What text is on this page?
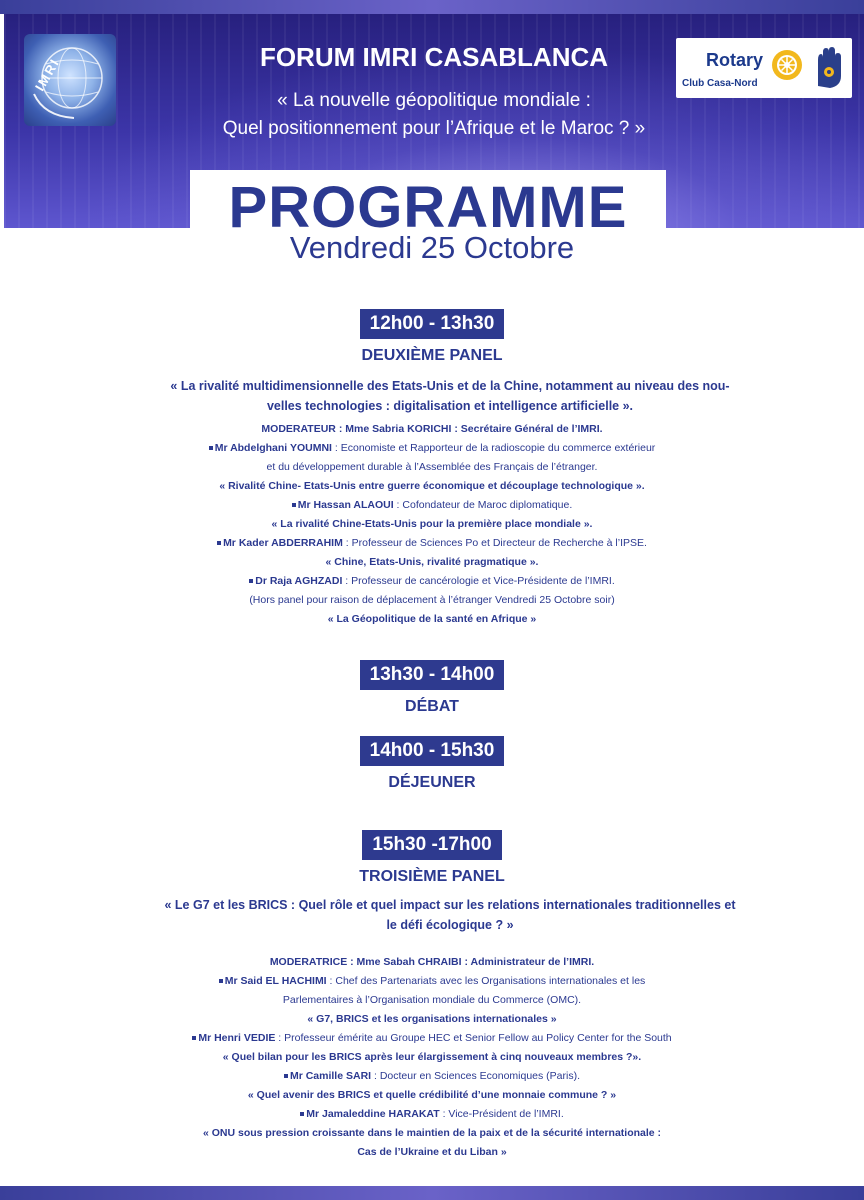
IMRI	FORUM IMRI CASABLANCA
« La nouvelle géopolitique mondiale :
Quel positionnement pour l’Afrique et le Maroc ? »
Rotary
Club Casa-Nord
PROGRAMME
Vendredi 25 Octobre
12h00 - 13h30
DEUXIÈME PANEL
« La rivalité multidimensionnelle des Etats-Unis et de la Chine, notamment au niveau des nou-
velles technologies : digitalisation et intelligence artificielle ».
MODERATEUR : Mme Sabria KORICHI : Secrétaire Général de l’IMRI.
Mr Abdelghani YOUMNI : Economiste et Rapporteur de la radioscopie du commerce extérieur
et du développement durable à l’Assemblée des Français de l’étranger.
« Rivalité Chine- Etats-Unis entre guerre économique et découplage technologique ».
Mr Hassan ALAOUI : Cofondateur de Maroc diplomatique.
« La rivalité Chine-Etats-Unis pour la première place mondiale ».
Mr Kader ABDERRAHIM : Professeur de Sciences Po et Directeur de Recherche à l’IPSE.
« Chine, Etats-Unis, rivalité pragmatique ».
Dr Raja AGHZADI : Professeur de cancérologie et Vice-Présidente de l’IMRI.
(Hors panel pour raison de déplacement à l’étranger Vendredi 25 Octobre soir)
« La Géopolitique de la santé en Afrique »
13h30 - 14h00
DÉBAT
14h00 - 15h30
DÉJEUNER
15h30 -17h00
TROISIÈME PANEL
« Le G7 et les BRICS : Quel rôle et quel impact sur les relations internationales traditionnelles et
le défi écologique ? »
MODERATRICE : Mme Sabah CHRAIBI : Administrateur de l’IMRI.
Mr Said EL HACHIMI : Chef des Partenariats avec les Organisations internationales et les
Parlementaires à l’Organisation mondiale du Commerce (OMC).
« G7, BRICS et les organisations internationales »
Mr Henri VEDIE : Professeur émérite au Groupe HEC et Senior Fellow au Policy Center for the South
« Quel bilan pour les BRICS après leur élargissement à cinq nouveaux membres ?».
Mr Camille SARI : Docteur en Sciences Economiques (Paris).
« Quel avenir des BRICS et quelle crédibilité d’une monnaie commune ? »
Mr Jamaleddine HARAKAT : Vice-Président de l’IMRI.
« ONU sous pression croissante dans le maintien de la paix et de la sécurité internationale :
Cas de l’Ukraine et du Liban »
